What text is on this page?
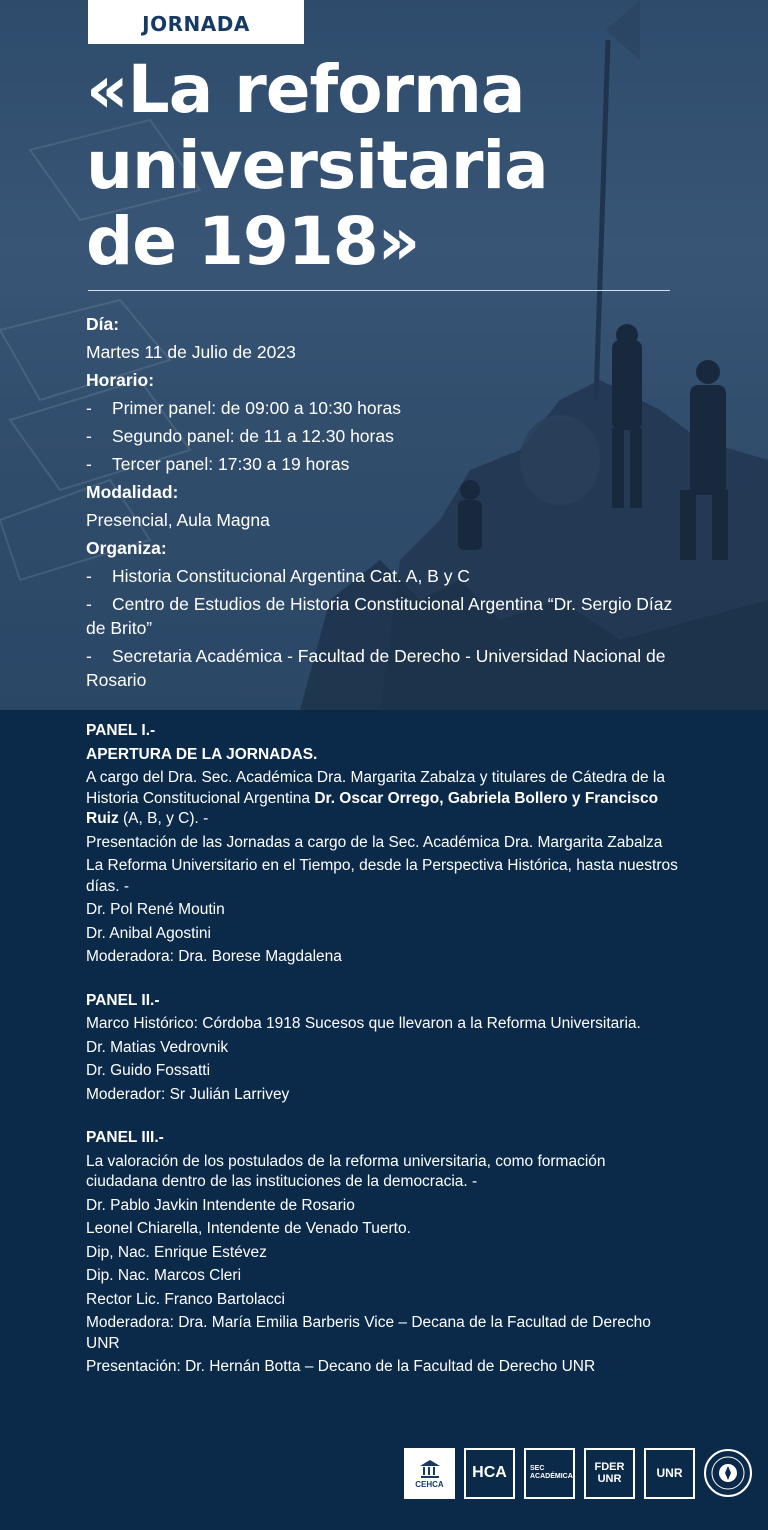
JORNADA
«La reforma
universitaria
de 1918»
Día:
Martes 11 de Julio de 2023
Horario:
- Primer panel: de 09:00 a 10:30 horas
- Segundo panel: de 11 a 12.30 horas
- Tercer panel: 17:30 a 19 horas
Modalidad:
Presencial, Aula Magna
Organiza:
- Historia Constitucional Argentina Cat. A, B y C
- Centro de Estudios de Historia Constitucional Argentina “Dr. Sergio Díaz de Brito”
- Secretaria Académica - Facultad de Derecho - Universidad Nacional de Rosario
PANEL I.-
APERTURA DE LA JORNADAS.
A cargo del Dra. Sec. Académica Dra. Margarita Zabalza y titulares de Cátedra de la Historia Constitucional Argentina Dr. Oscar Orrego, Gabriela Bollero y Francisco Ruiz (A, B, y C). -
Presentación de las Jornadas a cargo de la Sec. Académica Dra. Margarita Zabalza
La Reforma Universitario en el Tiempo, desde la Perspectiva Histórica, hasta nuestros días. -
Dr. Pol René Moutin
Dr. Anibal Agostini
Moderadora: Dra. Borese Magdalena
PANEL II.-
Marco Histórico: Córdoba 1918 Sucesos que llevaron a la Reforma Universitaria.
Dr. Matias Vedrovnik
Dr. Guido Fossatti
Moderador: Sr Julián Larrivey
PANEL III.-
La valoración de los postulados de la reforma universitaria, como formación ciudadana dentro de las instituciones de la democracia. -
Dr. Pablo Javkin Intendente de Rosario
Leonel Chiarella, Intendente de Venado Tuerto.
Dip, Nac. Enrique Estévez
Dip. Nac. Marcos Cleri
Rector Lic. Franco Bartolacci
Moderadora: Dra. María Emilia Barberis Vice – Decana de la Facultad de Derecho UNR
Presentación: Dr. Hernán Botta – Decano de la Facultad de Derecho UNR
CEHCA
HCA	SEC
ACADÉMICA
FDER
UNR	UNR
